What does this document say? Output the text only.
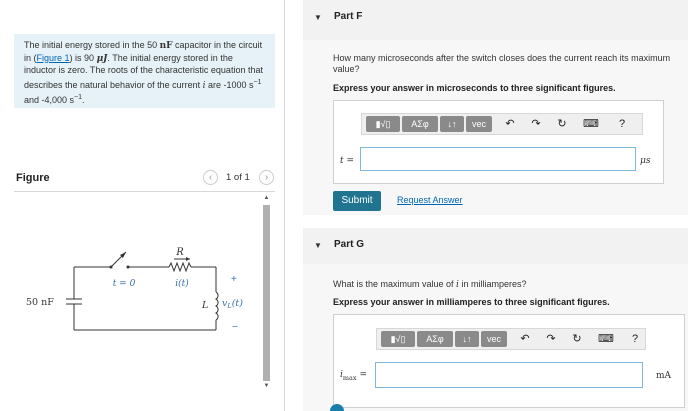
The initial energy stored in the 50 nF capacitor in the circuit in (Figure 1) is 90 μJ. The initial energy stored in the inductor is zero. The roots of the characteristic equation that describes the natural behavior of the current i are -1000 $s^{-1}$ and -4,000 $s^{-1}$.
Figure	‹	1 of 1	›
R
t = 0	i(t)
50 nF	L $v_L(t)$
+
−
▲
▼
▼ Part F
How many microseconds after the switch closes does the current reach its maximum value?
Express your answer in microseconds to three significant figures.
▮√▯	ΑΣφ	↓↑	vec	↶	↷	↻	⌨	?
t =	μs
Submit	Request Answer
▼ Part G
What is the maximum value of i in milliamperes?
Express your answer in milliamperes to three significant figures.
▮√▯	ΑΣφ	↓↑	vec	↶	↷	↻	⌨	?
$i_{max}$ =	mA
